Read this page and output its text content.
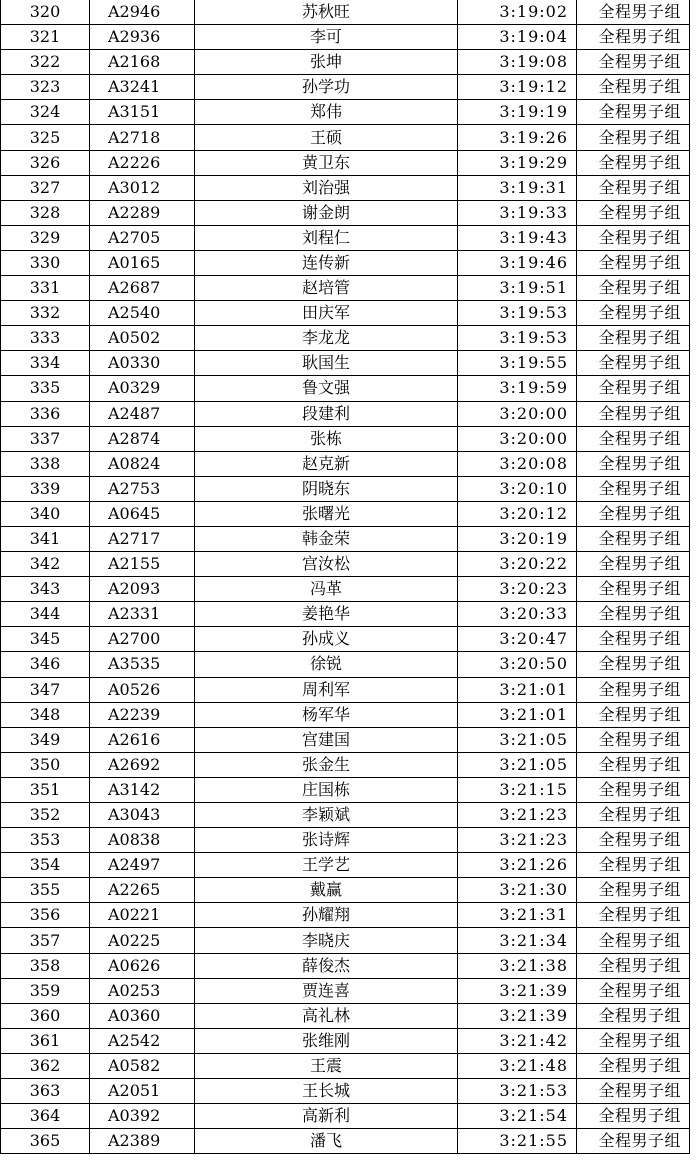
320	A2946	苏秋旺	3:19:02	全程男子组
321	A2936	李可	3:19:04	全程男子组
322	A2168	张坤	3:19:08	全程男子组
323	A3241	孙学功	3:19:12	全程男子组
324	A3151	郑伟	3:19:19	全程男子组
325	A2718	王硕	3:19:26	全程男子组
326	A2226	黄卫东	3:19:29	全程男子组
327	A3012	刘治强	3:19:31	全程男子组
328	A2289	谢金朗	3:19:33	全程男子组
329	A2705	刘程仁	3:19:43	全程男子组
330	A0165	连传新	3:19:46	全程男子组
331	A2687	赵培管	3:19:51	全程男子组
332	A2540	田庆军	3:19:53	全程男子组
333	A0502	李龙龙	3:19:53	全程男子组
334	A0330	耿国生	3:19:55	全程男子组
335	A0329	鲁文强	3:19:59	全程男子组
336	A2487	段建利	3:20:00	全程男子组
337	A2874	张栋	3:20:00	全程男子组
338	A0824	赵克新	3:20:08	全程男子组
339	A2753	阴晓东	3:20:10	全程男子组
340	A0645	张曙光	3:20:12	全程男子组
341	A2717	韩金荣	3:20:19	全程男子组
342	A2155	宫汝松	3:20:22	全程男子组
343	A2093	冯革	3:20:23	全程男子组
344	A2331	姜艳华	3:20:33	全程男子组
345	A2700	孙成义	3:20:47	全程男子组
346	A3535	徐锐	3:20:50	全程男子组
347	A0526	周利军	3:21:01	全程男子组
348	A2239	杨军华	3:21:01	全程男子组
349	A2616	宫建国	3:21:05	全程男子组
350	A2692	张金生	3:21:05	全程男子组
351	A3142	庄国栋	3:21:15	全程男子组
352	A3043	李颖斌	3:21:23	全程男子组
353	A0838	张诗辉	3:21:23	全程男子组
354	A2497	王学艺	3:21:26	全程男子组
355	A2265	戴赢	3:21:30	全程男子组
356	A0221	孙耀翔	3:21:31	全程男子组
357	A0225	李晓庆	3:21:34	全程男子组
358	A0626	薛俊杰	3:21:38	全程男子组
359	A0253	贾连喜	3:21:39	全程男子组
360	A0360	高礼林	3:21:39	全程男子组
361	A2542	张维刚	3:21:42	全程男子组
362	A0582	王震	3:21:48	全程男子组
363	A2051	王长城	3:21:53	全程男子组
364	A0392	高新利	3:21:54	全程男子组
365	A2389	潘飞	3:21:55	全程男子组
